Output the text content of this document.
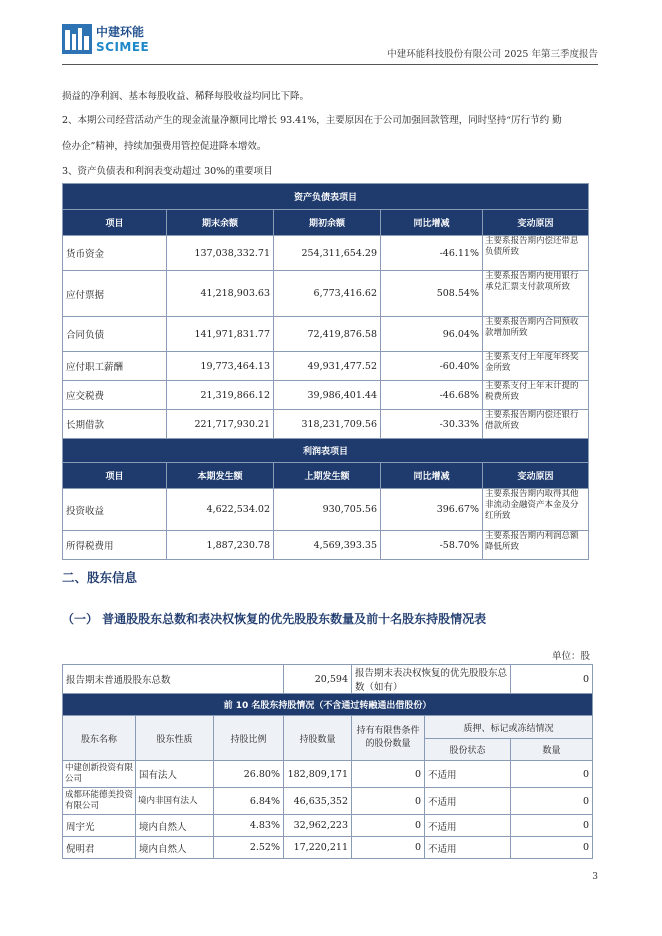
中建环能
SCIMEE
中建环能科技股份有限公司 2025 年第三季度报告
损益的净利润、基本每股收益、稀释每股收益均同比下降。
2、本期公司经营活动产生的现金流量净额同比增长 93.41%，主要原因在于公司加强回款管理，同时坚持“厉行节约 勤
俭办企”精神，持续加强费用管控促进降本增效。
3、资产负债表和利润表变动超过 30%的重要项目
资产负债表项目				
项目	期末余额	期初余额	同比增减	变动原因
货币资金	137,038,332.71	254,311,654.29	-46.11%	主要系报告期内偿还带息负债所致
应付票据	41,218,903.63	6,773,416.62	508.54%	主要系报告期内使用银行承兑汇票支付款项所致
合同负债	141,971,831.77	72,419,876.58	96.04%	主要系报告期内合同预收款增加所致
应付职工薪酬	19,773,464.13	49,931,477.52	-60.40%	主要系支付上年度年终奖金所致
应交税费	21,319,866.12	39,986,401.44	-46.68%	主要系支付上年末计提的税费所致
长期借款	221,717,930.21	318,231,709.56	-30.33%	主要系报告期内偿还银行借款所致
利润表项目				
项目	本期发生额	上期发生额	同比增减	变动原因
投资收益	4,622,534.02	930,705.56	396.67%	主要系报告期内取得其他非流动金融资产本金及分红所致
所得税费用	1,887,230.78	4,569,393.35	-58.70%	主要系报告期内利润总额降低所致
二、股东信息
（一） 普通股股东总数和表决权恢复的优先股股东数量及前十名股东持股情况表
单位：股
报告期末普通股股东总数			20,594	报告期末表决权恢复的优先股股东总数（如有）		0
前 10 名股东持股情况（不含通过转融通出借股份）						
股东名称	股东性质	持股比例	持股数量	持有有限售条件的股份数量	质押、标记或冻结情况	
					股份状态	数量
中建创新投资有限公司	国有法人	26.80%	182,809,171	0	不适用	0
成都环能德美投资有限公司	境内非国有法人	6.84%	46,635,352	0	不适用	0
周宇光	境内自然人	4.83%	32,962,223	0	不适用	0
倪明君	境内自然人	2.52%	17,220,211	0	不适用	0
3
